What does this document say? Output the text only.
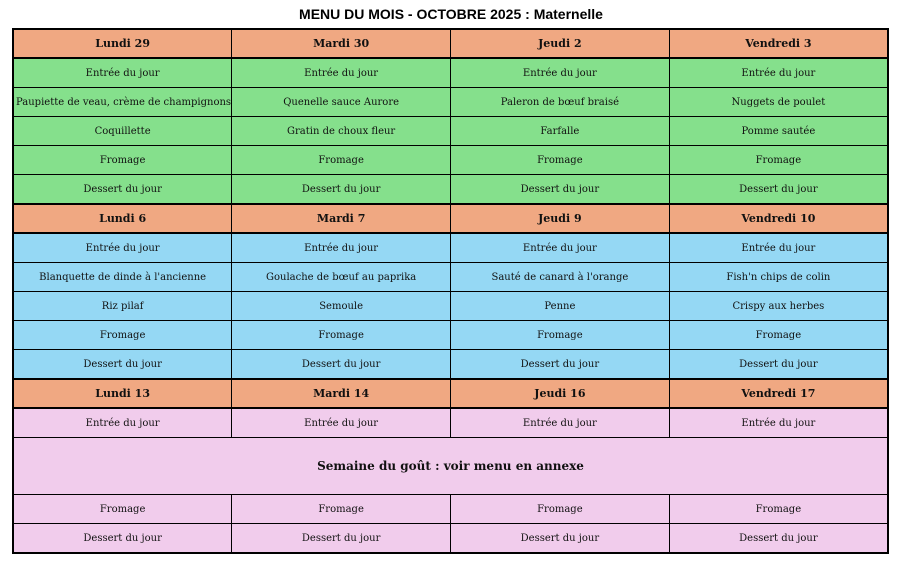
MENU DU MOIS - OCTOBRE 2025 : Maternelle
Lundi 29	Mardi 30	Jeudi 2	Vendredi 3
Entrée du jour	Entrée du jour	Entrée du jour	Entrée du jour
Paupiette de veau, crème de champignons	Quenelle sauce Aurore	Paleron de bœuf braisé	Nuggets de poulet
Coquillette	Gratin de choux fleur	Farfalle	Pomme sautée
Fromage	Fromage	Fromage	Fromage
Dessert du jour	Dessert du jour	Dessert du jour	Dessert du jour
Lundi 6	Mardi 7	Jeudi 9	Vendredi 10
Entrée du jour	Entrée du jour	Entrée du jour	Entrée du jour
Blanquette de dinde à l'ancienne	Goulache de bœuf au paprika	Sauté de canard à l'orange	Fish'n chips de colin
Riz pilaf	Semoule	Penne	Crispy aux herbes
Fromage	Fromage	Fromage	Fromage
Dessert du jour	Dessert du jour	Dessert du jour	Dessert du jour
Lundi 13	Mardi 14	Jeudi 16	Vendredi 17
Entrée du jour	Entrée du jour	Entrée du jour	Entrée du jour
Semaine du goût : voir menu en annexe			
Fromage	Fromage	Fromage	Fromage
Dessert du jour	Dessert du jour	Dessert du jour	Dessert du jour
